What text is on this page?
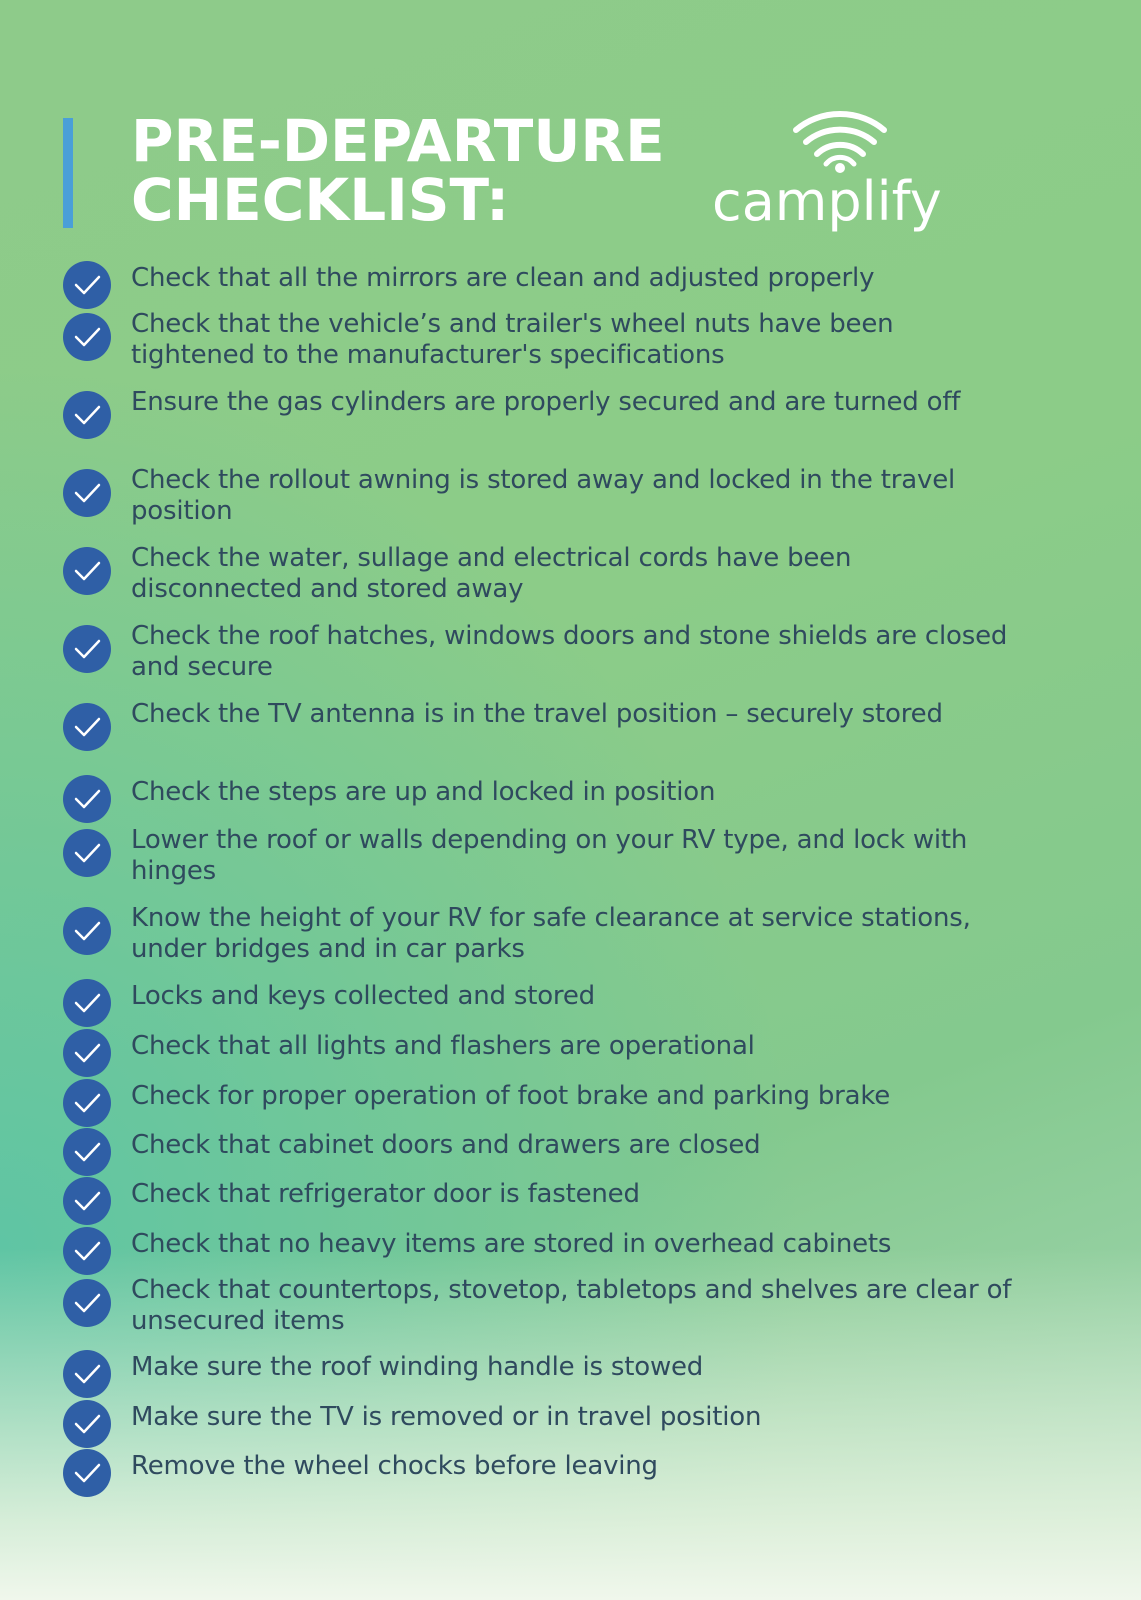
PRE-DEPARTURE
CHECKLIST:	camplify
Check that all the mirrors are clean and adjusted properly
Check that the vehicle’s and trailer's wheel nuts have been tightened to the manufacturer's specifications
Ensure the gas cylinders are properly secured and are turned off
Check the rollout awning is stored away and locked in the travel position
Check the water, sullage and electrical cords have been disconnected and stored away
Check the roof hatches, windows doors and stone shields are closed and secure
Check the TV antenna is in the travel position – securely stored
Check the steps are up and locked in position
Lower the roof or walls depending on your RV type, and lock with hinges
Know the height of your RV for safe clearance at service stations, under bridges and in car parks
Locks and keys collected and stored
Check that all lights and flashers are operational
Check for proper operation of foot brake and parking brake
Check that cabinet doors and drawers are closed
Check that refrigerator door is fastened
Check that no heavy items are stored in overhead cabinets
Check that countertops, stovetop, tabletops and shelves are clear of unsecured items
Make sure the roof winding handle is stowed
Make sure the TV is removed or in travel position
Remove the wheel chocks before leaving
